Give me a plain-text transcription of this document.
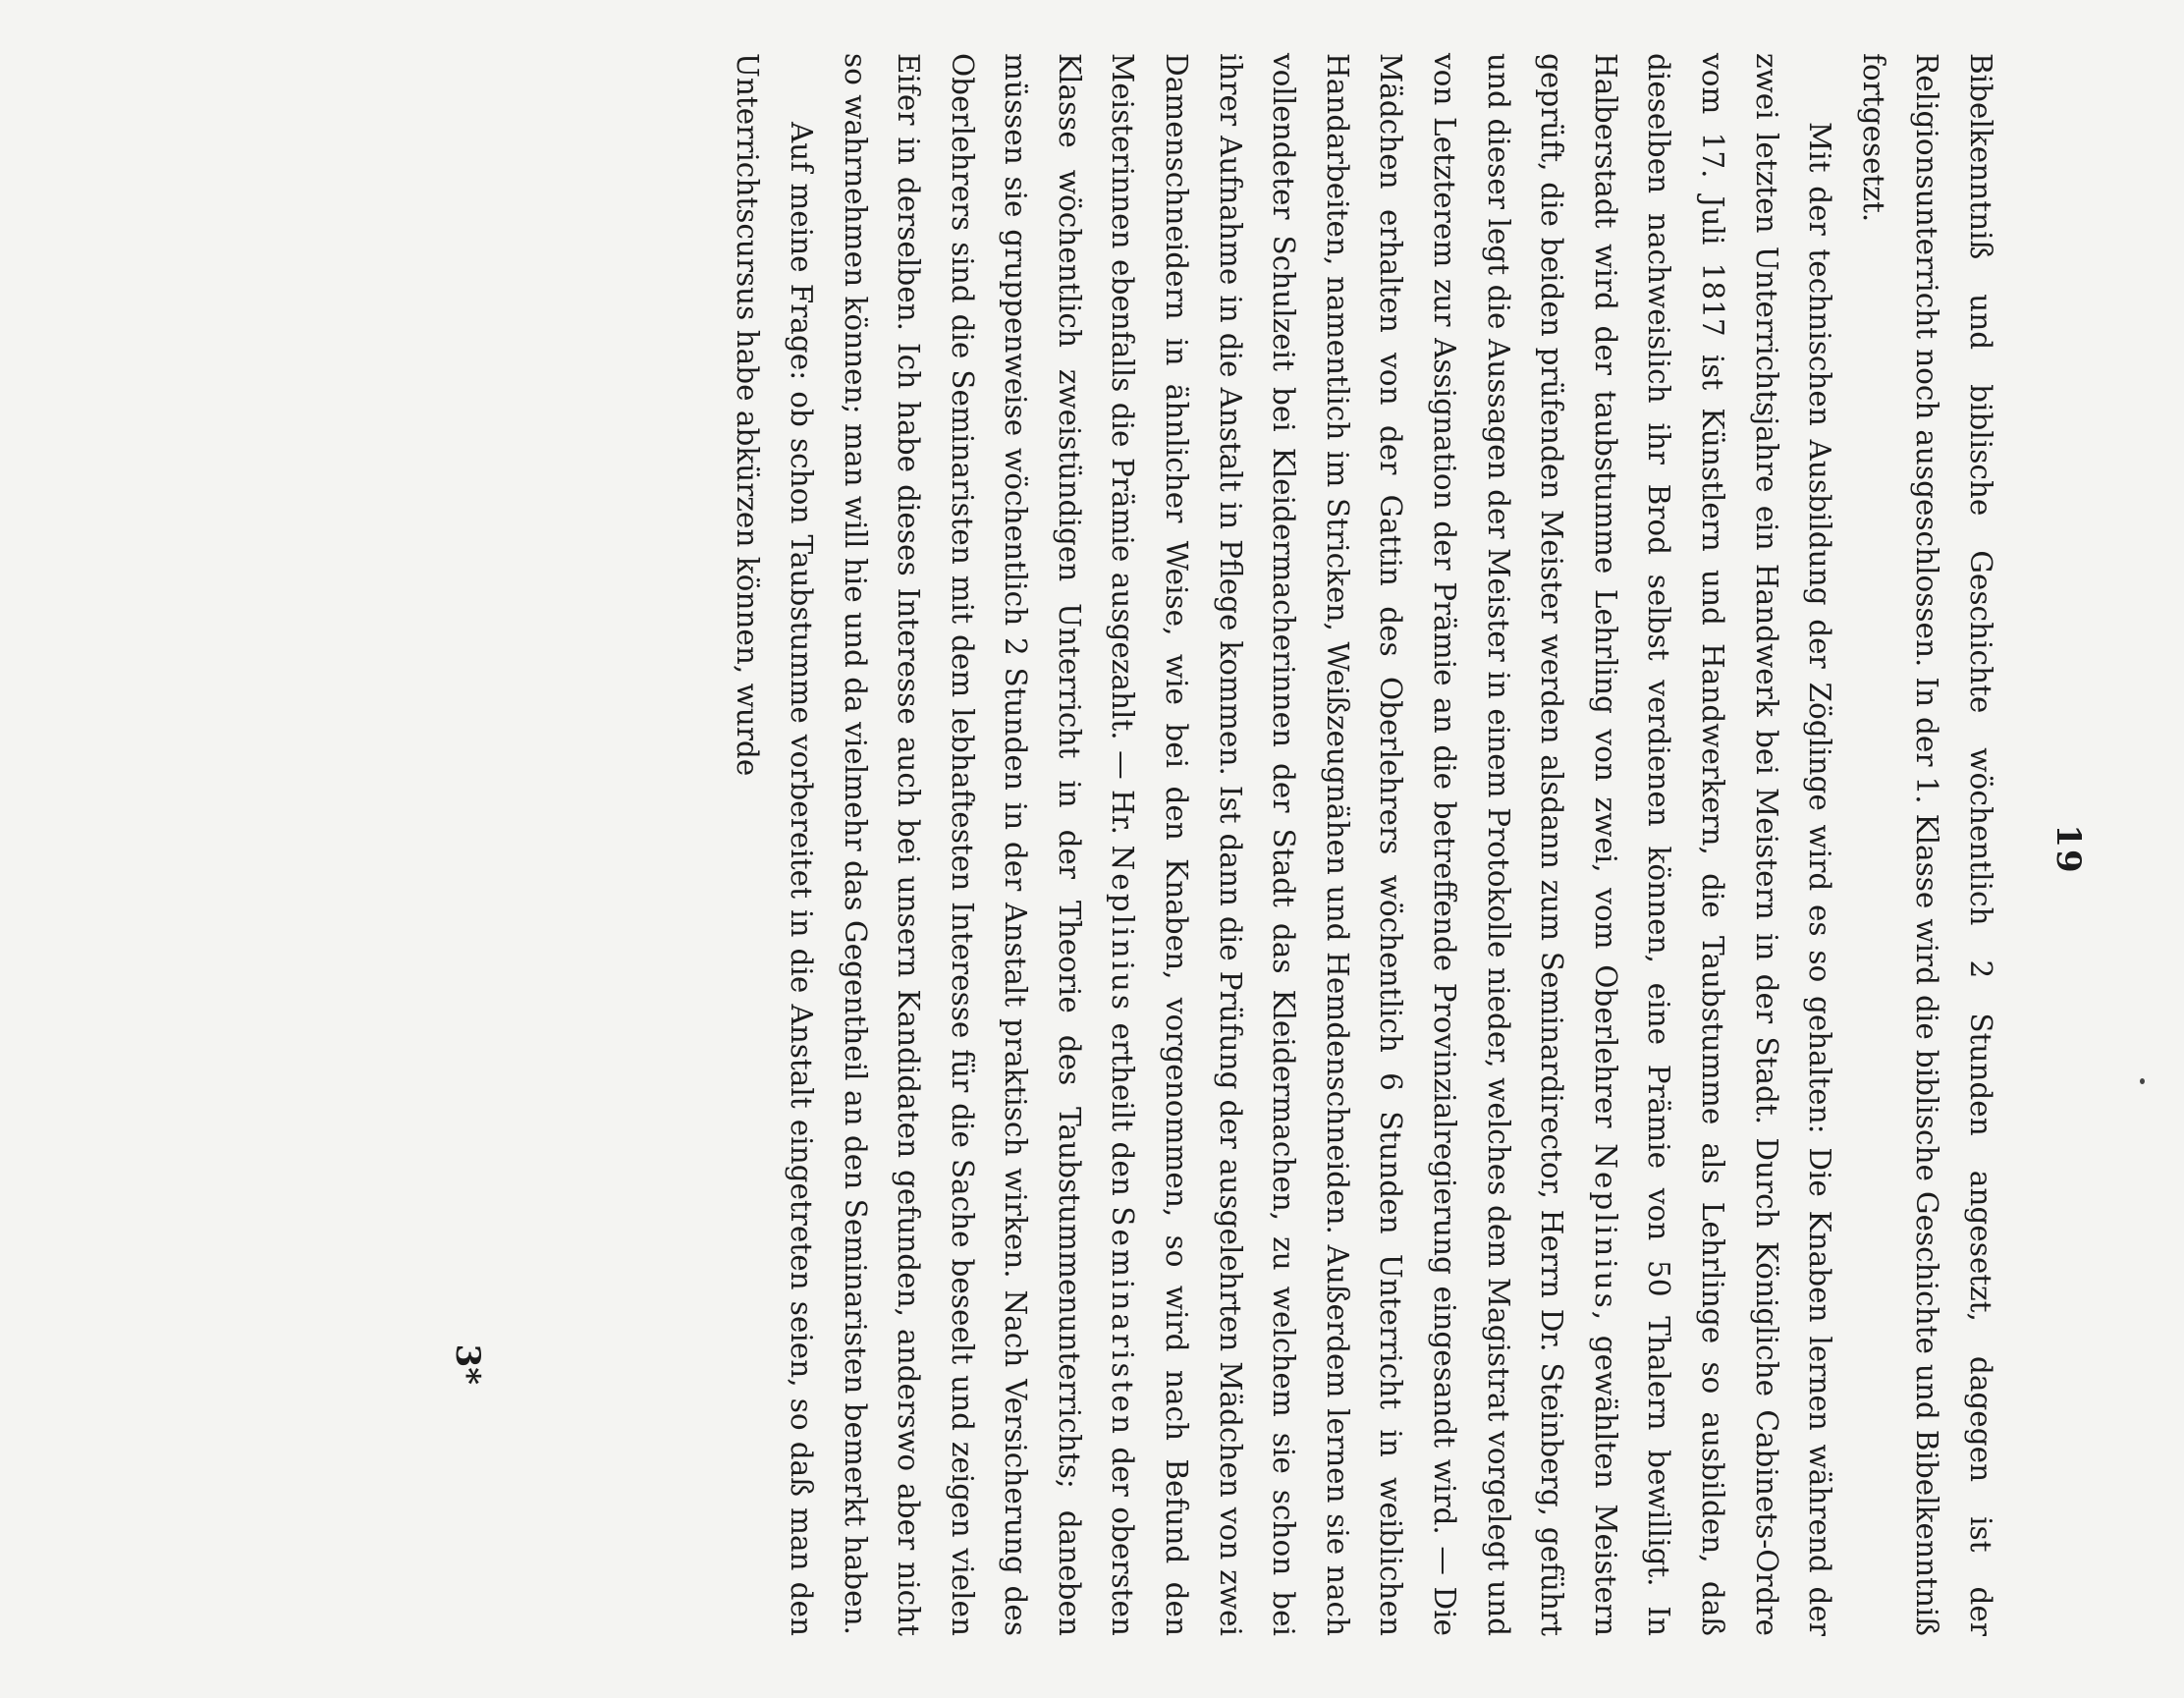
19

Bibelkenntniß und biblische Geschichte wöchentlich 2 Stunden angesetzt, dagegen ist der Religionsunterricht noch ausgeschlossen. In der 1. Klasse wird die biblische Geschichte und Bibelkenntniß fortgesetzt.

Mit der technischen Ausbildung der Zöglinge wird es so gehalten: Die Knaben lernen während der zwei letzten Unterrichtsjahre ein Handwerk bei Meistern in der Stadt. Durch Königliche Cabinets-Ordre vom 17. Juli 1817 ist Künstlern und Handwerkern, die Taubstumme als Lehrlinge so ausbilden, daß dieselben nachweislich ihr Brod selbst verdienen können, eine Prämie von 50 Thalern bewilligt. In Halberstadt wird der taubstumme Lehrling von zwei, vom Oberlehrer Neplinius, gewählten Meistern geprüft, die beiden prüfenden Meister werden alsdann zum Seminardirector, Herrn Dr. Steinberg, geführt und dieser legt die Aussagen der Meister in einem Protokolle nieder, welches dem Magistrat vorgelegt und von Letzterem zur Assignation der Prämie an die betreffende Provinzialregierung eingesandt wird. — Die Mädchen erhalten von der Gattin des Oberlehrers wöchentlich 6 Stunden Unterricht in weiblichen Handarbeiten, namentlich im Stricken, Weißzeugnähen und Hemdenschneiden. Außerdem lernen sie nach vollendeter Schulzeit bei Kleidermacherinnen der Stadt das Kleidermachen, zu welchem sie schon bei ihrer Aufnahme in die Anstalt in Pflege kommen. Ist dann die Prüfung der ausgelehrten Mädchen von zwei Damenschneidern in ähnlicher Weise, wie bei den Knaben, vorgenommen, so wird nach Befund den Meisterinnen ebenfalls die Prämie ausgezahlt. — Hr. Neplinius ertheilt den Seminaristen der obersten Klasse wöchentlich zweistündigen Unterricht in der Theorie des Taubstummenunterrichts; daneben müssen sie gruppenweise wöchentlich 2 Stunden in der Anstalt praktisch wirken. Nach Versicherung des Oberlehrers sind die Seminaristen mit dem lebhaftesten Interesse für die Sache beseelt und zeigen vielen Eifer in derselben. Ich habe dieses Interesse auch bei unsern Kandidaten gefunden, anderswo aber nicht so wahrnehmen können; man will hie und da vielmehr das Gegentheil an den Seminaristen bemerkt haben.

Auf meine Frage: ob schon Taubstumme vorbereitet in die Anstalt eingetreten seien, so daß man den Unterrichtscursus habe abkürzen können, wurde

3*
